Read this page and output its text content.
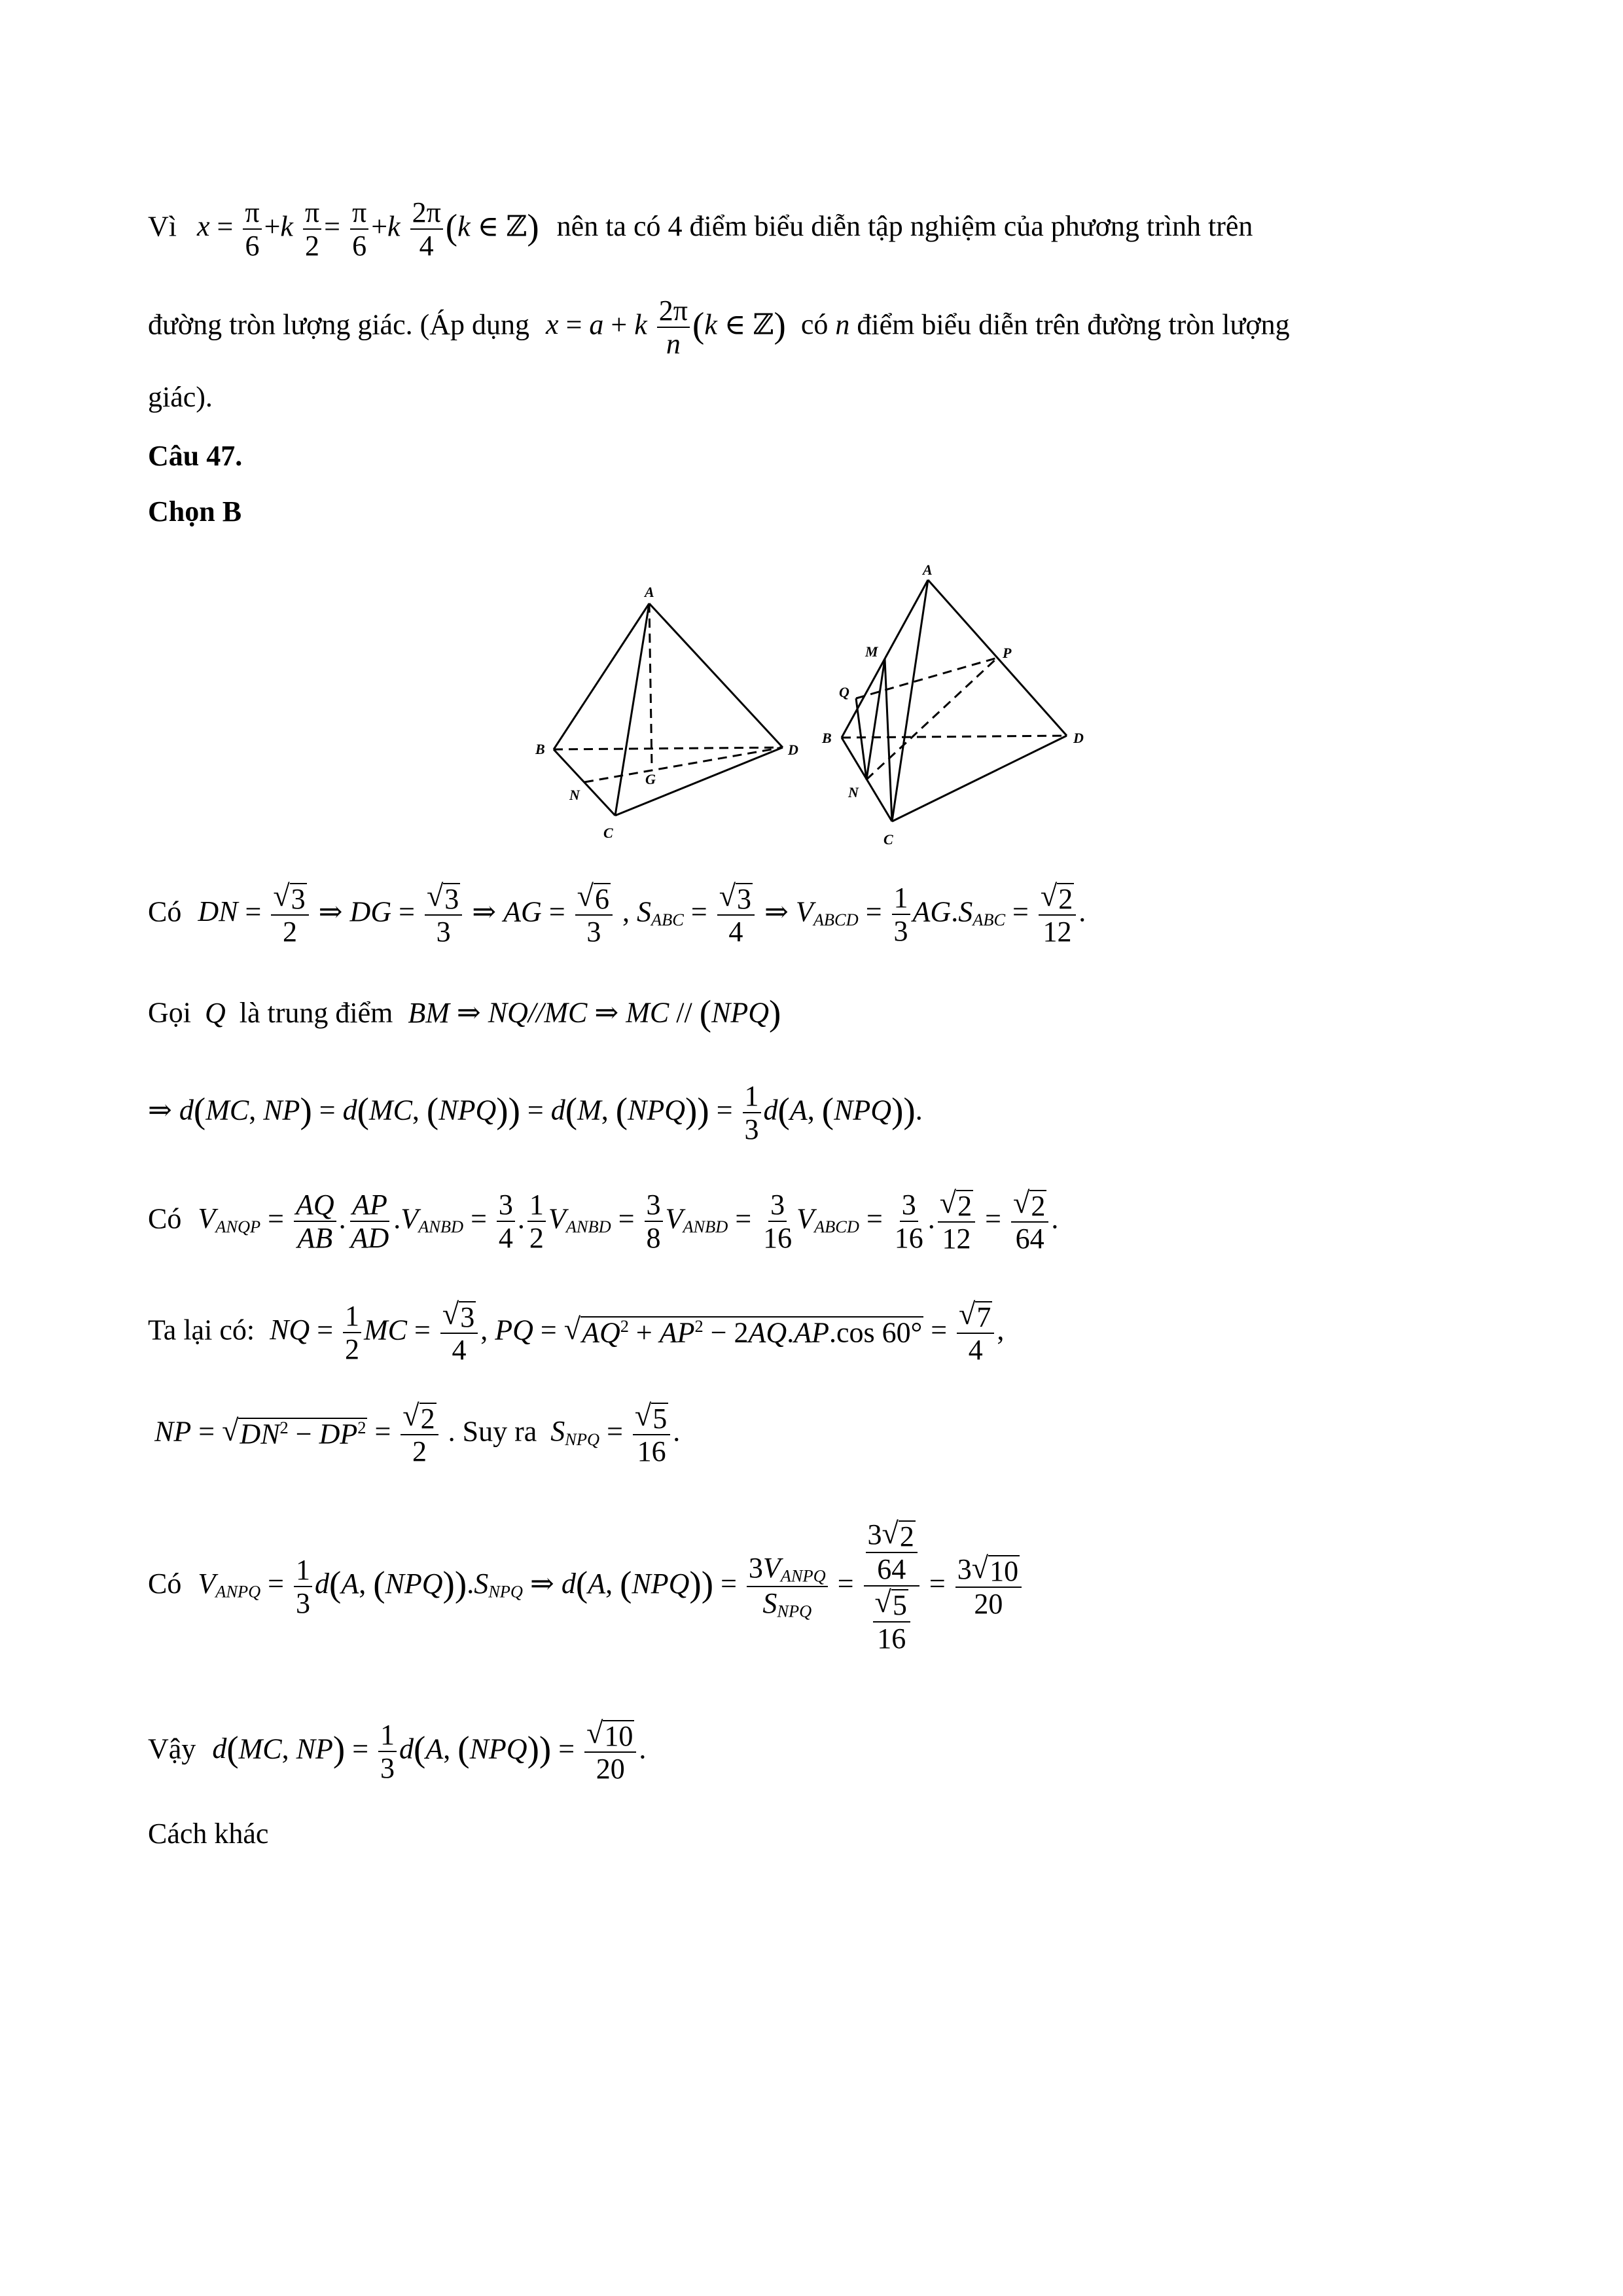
Vì $x = \frac{\pi}{6} +k \frac{\pi}{2} = \frac{\pi}{6} +k \frac{2\pi}{4} (k$ ∈ ℤ) nên ta có 4 điểm biểu diễn tập nghiệm của phương trình trên
đường tròn lượng giác. (Áp dụng x = a + k $\frac{2\pi}{n} (k$ ∈ ℤ) có n điểm biểu diễn trên đường tròn lượng
giác).
Câu 47.
Chọn B
A
B	D
N
G
C
A
M	P
Q
B	D
N
C
Có DN = $\frac{√ 3}{2}$ ⇒ DG = $\frac{√ 3}{3}$ ⇒ AG = $\frac{√ 6}{3}$ , $S_{ABC} = \frac{√ 3}{4}$ ⇒ $V_{ABCD} = \frac{1}{3} AG.S_{ABC} = \frac{√ 2}{12}$ .
Gọi Q là trung điểm BM ⇒ NQ//MC ⇒ MC // (NPQ)
⇒ d(MC, NP) = d(MC, (NPQ)) = d(M, $(NPQ)) = \frac{1}{3} d(A$, (NPQ)).
Có $V_{ANQP} = \frac{AQ}{AB}$ . $\frac{AP}{AD} .V_{ANBD} = \frac{3}{4}$ . $\frac{1}{2} V_{ANBD} = \frac{3}{8} V_{ANBD} = \frac{3}{16} V_{ABCD} = \frac{3}{16}$ . $\frac{√ 2}{12} = \frac{√ 2}{64}$ .
Ta lại có: NQ = $\frac{1}{2}$ MC = $\frac{√ 3}{4}$ , PQ = √ $AQ^2 + AP^2 - 2AQ.AP.\cos$ $60^\circ = \frac{√ 7}{4}$ ,
NP = √ $DN^2 - DP^2 = \frac{√ 2}{2}$ . Suy ra $S_{NPQ} = \frac{√ 5}{16}$ .
Có $V_{ANPQ} = \frac{1}{3} d(A$, $(NPQ)).S_{NPQ}$ ⇒ d(A, $(NPQ)) = 3V_{ANPQ}$
$S_{NPQ}$
= $\frac{\frac{3 √ 2}{64}}{\frac{√ 5}{16}} = \frac{3 √ 10}{20}$
Vậy d(MC, $NP) = \frac{1}{3} d(A$, $(NPQ)) = \frac{√ 10}{20}$ .
Cách khác
